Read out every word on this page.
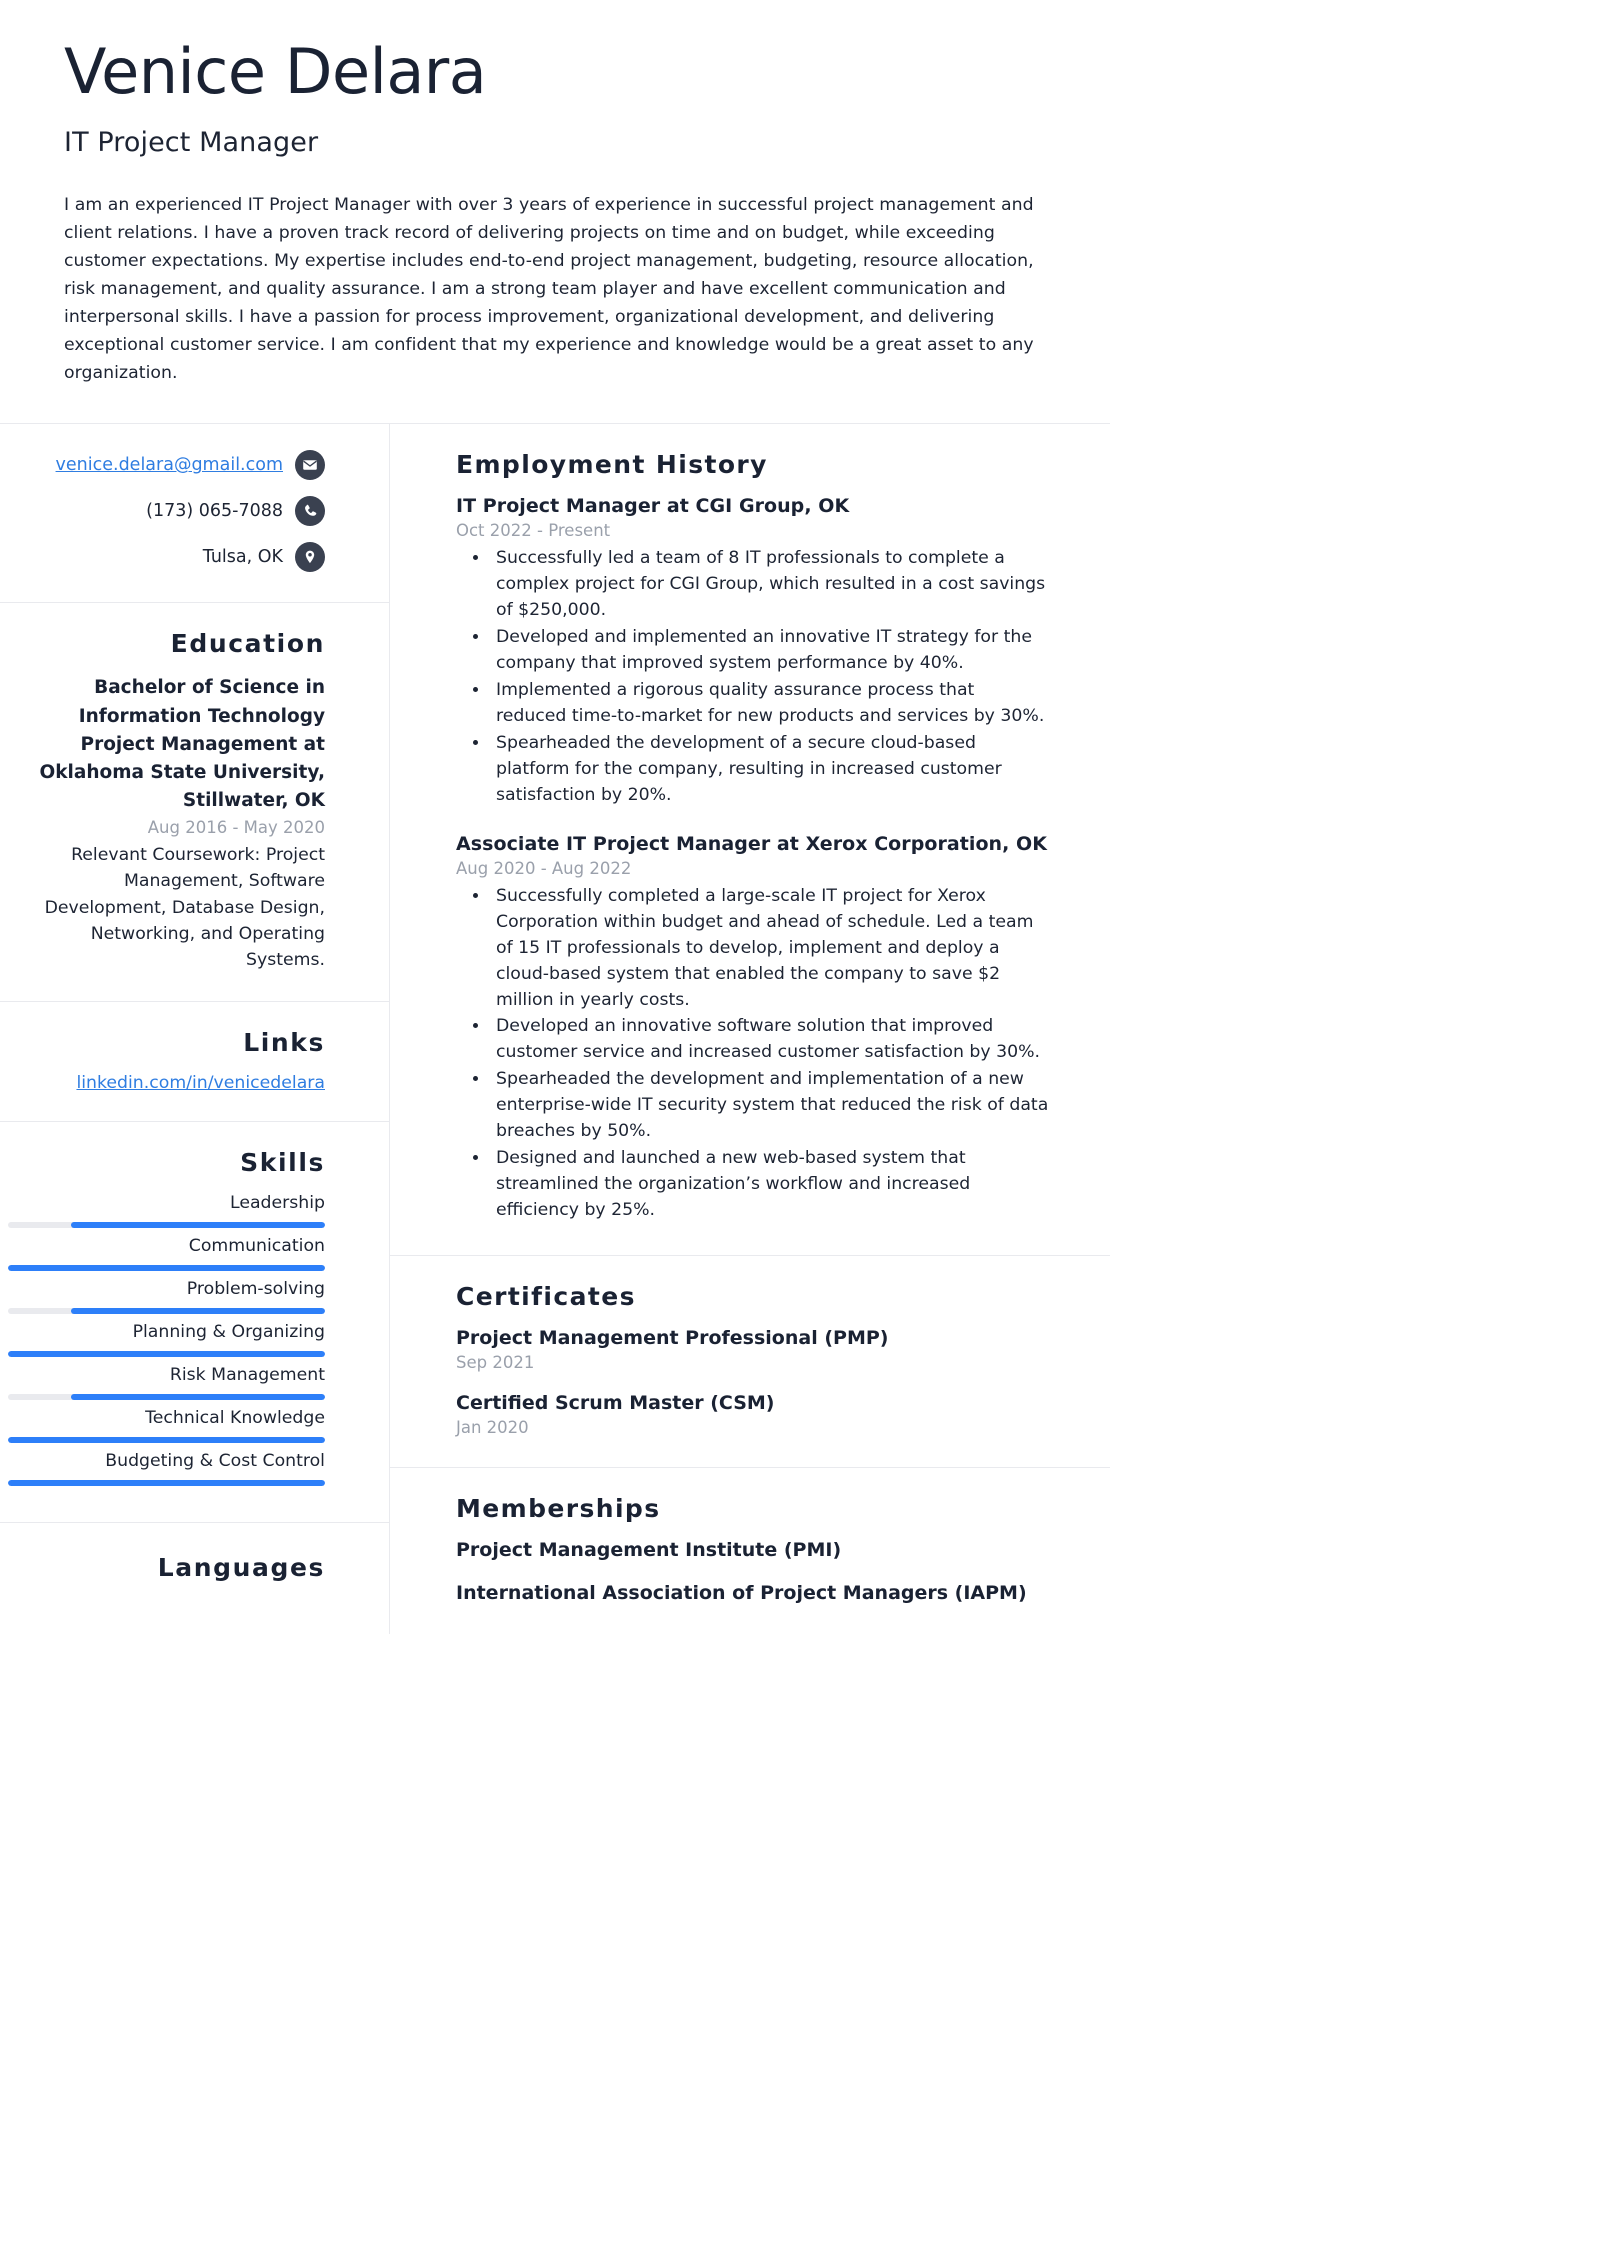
Venice Delara
IT Project Manager

I am an experienced IT Project Manager with over 3 years of experience in successful project management and client relations. I have a proven track record of delivering projects on time and on budget, while exceeding customer expectations. My expertise includes end-to-end project management, budgeting, resource allocation, risk management, and quality assurance. I am a strong team player and have excellent communication and interpersonal skills. I have a passion for process improvement, organizational development, and delivering exceptional customer service. I am confident that my experience and knowledge would be a great asset to any organization.

venice.delara@gmail.com
(173) 065-7088
Tulsa, OK
Education
Bachelor of Science in Information Technology Project Management at Oklahoma State University, Stillwater, OK
Aug 2016 - May 2020
Relevant Coursework: Project Management, Software Development, Database Design, Networking, and Operating Systems.
Links
linkedin.com/in/venicedelara
Skills
Leadership
Communication
Problem-solving
Planning & Organizing
Risk Management
Technical Knowledge
Budgeting & Cost Control
Languages
Employment History
IT Project Manager at CGI Group, OK
Oct 2022 - Present
• Successfully led a team of 8 IT professionals to complete a complex project for CGI Group, which resulted in a cost savings of $250,000.
• Developed and implemented an innovative IT strategy for the company that improved system performance by 40%.
• Implemented a rigorous quality assurance process that reduced time-to-market for new products and services by 30%.
• Spearheaded the development of a secure cloud-based platform for the company, resulting in increased customer satisfaction by 20%.
Associate IT Project Manager at Xerox Corporation, OK
Aug 2020 - Aug 2022
• Successfully completed a large-scale IT project for Xerox Corporation within budget and ahead of schedule. Led a team of 15 IT professionals to develop, implement and deploy a cloud-based system that enabled the company to save $2 million in yearly costs.
• Developed an innovative software solution that improved customer service and increased customer satisfaction by 30%.
• Spearheaded the development and implementation of a new enterprise-wide IT security system that reduced the risk of data breaches by 50%.
• Designed and launched a new web-based system that streamlined the organization’s workflow and increased efficiency by 25%.
Certificates
Project Management Professional (PMP)
Sep 2021
Certified Scrum Master (CSM)
Jan 2020
Memberships
Project Management Institute (PMI)
International Association of Project Managers (IAPM)
